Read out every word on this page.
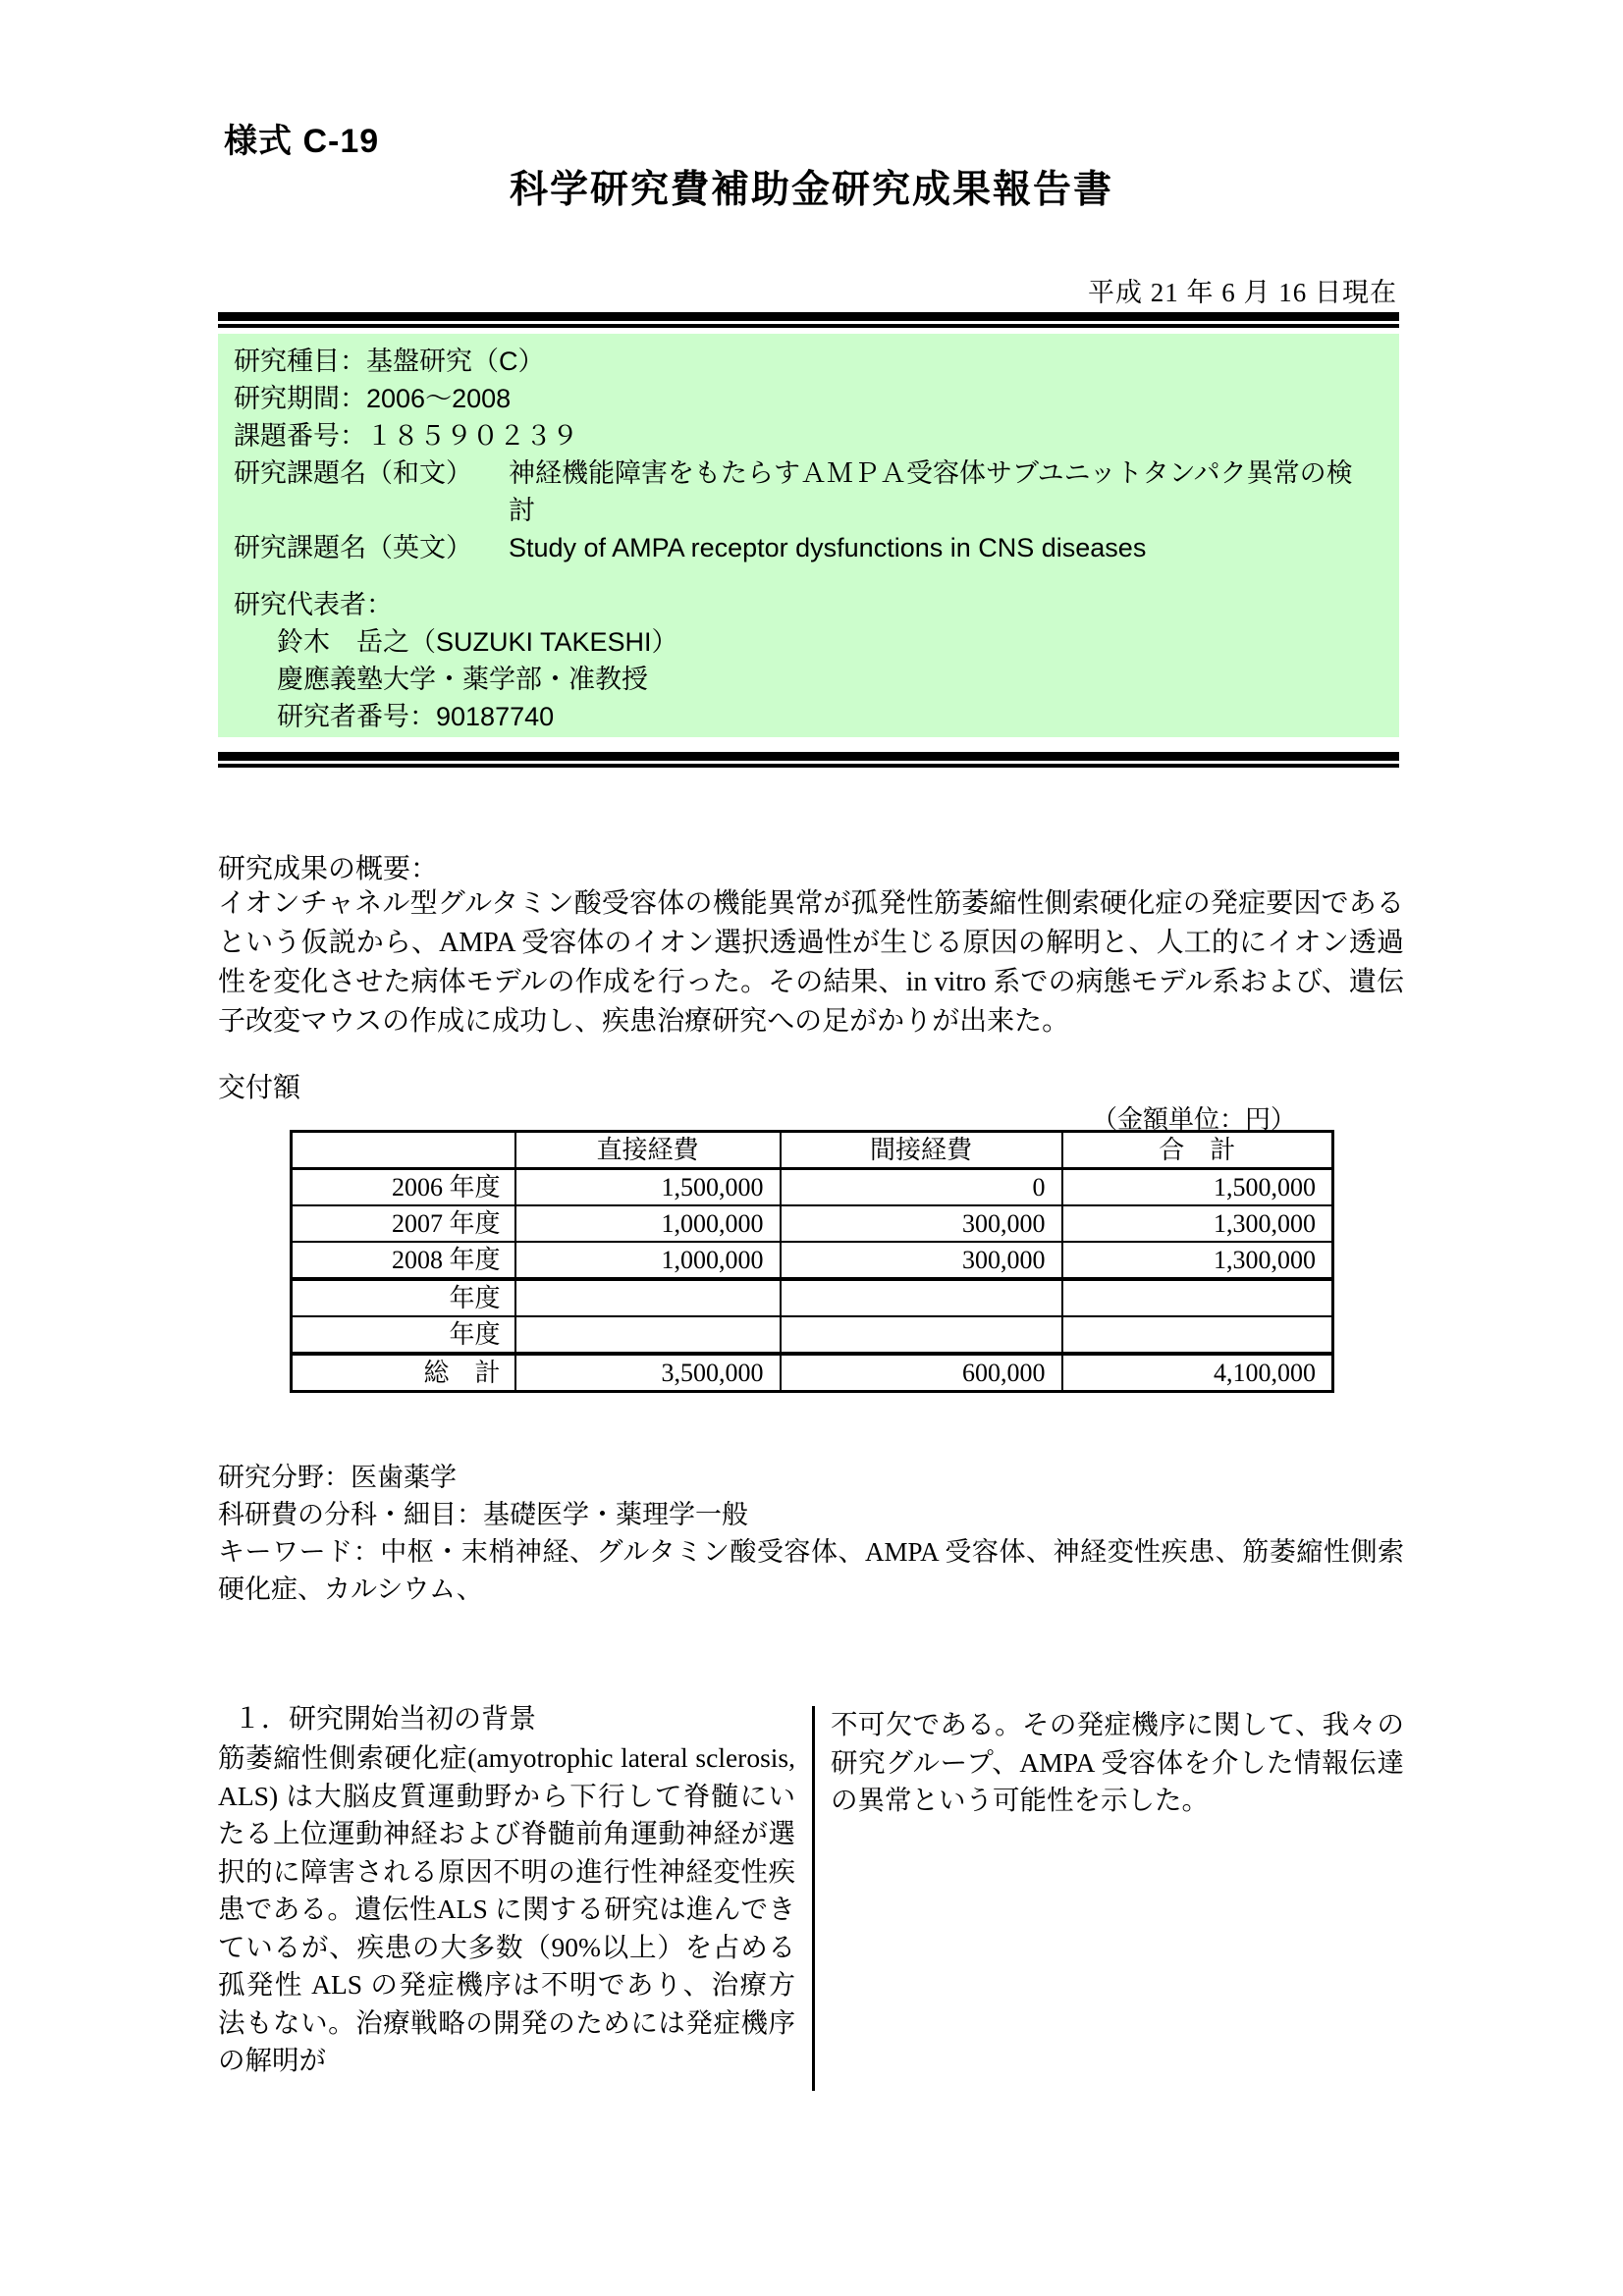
様式 C-19
科学研究費補助金研究成果報告書
平成 21 年 6 月 16 日現在
研究種目：基盤研究（C）
研究期間：2006～2008
課題番号：１８５９０２３９
研究課題名（和文） 神経機能障害をもたらすＡＭＰＡ受容体サブユニットタンパク異常の検討
研究課題名（英文） Study of AMPA receptor dysfunctions in CNS diseases
研究代表者：
鈴木　岳之（SUZUKI TAKESHI）
慶應義塾大学・薬学部・准教授
研究者番号：90187740
研究成果の概要：
イオンチャネル型グルタミン酸受容体の機能異常が孤発性筋萎縮性側索硬化症の発症要因であるという仮説から、AMPA 受容体のイオン選択透過性が生じる原因の解明と、人工的にイオン透過性を変化させた病体モデルの作成を行った。その結果、in vitro 系での病態モデル系および、遺伝子改変マウスの作成に成功し、疾患治療研究への足がかりが出来た。
交付額
（金額単位：円）
	直接経費	間接経費	合　計
2006 年度	1,500,000	0	1,500,000
2007 年度	1,000,000	300,000	1,300,000
2008 年度	1,000,000	300,000	1,300,000
年度			
年度			
総　計	3,500,000	600,000	4,100,000
研究分野：医歯薬学
科研費の分科・細目：基礎医学・薬理学一般
キーワード：中枢・末梢神経、グルタミン酸受容体、AMPA 受容体、神経変性疾患、筋萎縮性側索硬化症、カルシウム、
１．研究開始当初の背景
筋萎縮性側索硬化症(amyotrophic lateral sclerosis, ALS) は大脳皮質運動野から下行して脊髄にいたる上位運動神経および脊髄前角運動神経が選択的に障害される原因不明の進行性神経変性疾患である。遺伝性ALS に関する研究は進んできているが、疾患の大多数（90%以上）を占める孤発性 ALS の発症機序は不明であり、治療方法もない。治療戦略の開発のためには発症機序の解明が
不可欠である。その発症機序に関して、我々の研究グループ、AMPA 受容体を介した情報伝達の異常という可能性を示した。
